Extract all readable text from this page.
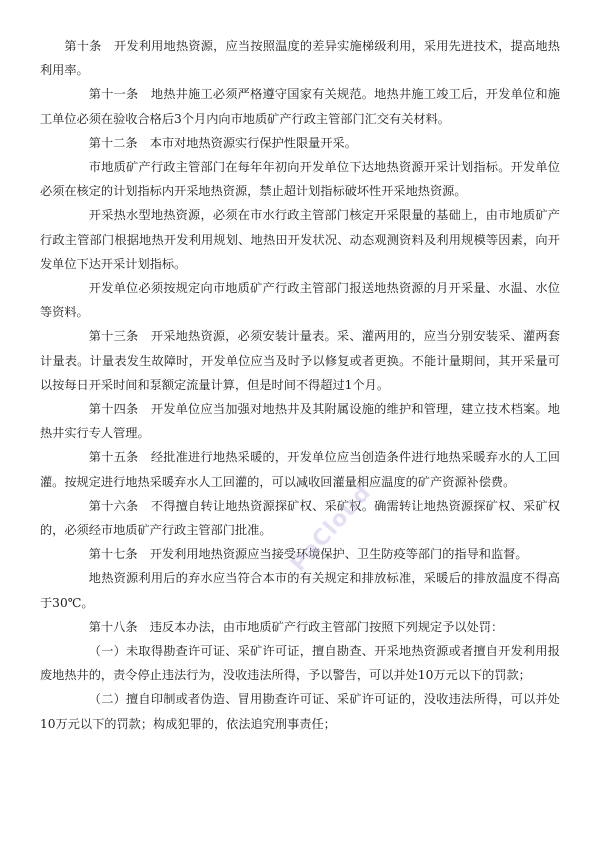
第十条　开发利用地热资源，应当按照温度的差异实施梯级利用，采用先进技术，提高地热利用率。

第十一条　地热井施工必须严格遵守国家有关规范。地热井施工竣工后，开发单位和施工单位必须在验收合格后3个月内向市地质矿产行政主管部门汇交有关材料。

第十二条　本市对地热资源实行保护性限量开采。

市地质矿产行政主管部门在每年年初向开发单位下达地热资源开采计划指标。开发单位必须在核定的计划指标内开采地热资源，禁止超计划指标破坏性开采地热资源。

开采热水型地热资源，必须在市水行政主管部门核定开采限量的基础上，由市地质矿产行政主管部门根据地热开发利用规划、地热田开发状况、动态观测资料及利用规模等因素，向开发单位下达开采计划指标。

开发单位必须按规定向市地质矿产行政主管部门报送地热资源的月开采量、水温、水位等资料。

第十三条　开采地热资源，必须安装计量表。采、灌两用的，应当分别安装采、灌两套计量表。计量表发生故障时，开发单位应当及时予以修复或者更换。不能计量期间，其开采量可以按每日开采时间和泵额定流量计算，但是时间不得超过1个月。

第十四条　开发单位应当加强对地热井及其附属设施的维护和管理，建立技术档案。地热井实行专人管理。

第十五条　经批准进行地热采暖的，开发单位应当创造条件进行地热采暖弃水的人工回灌。按规定进行地热采暖弃水人工回灌的，可以减收回灌量相应温度的矿产资源补偿费。

第十六条　不得擅自转让地热资源探矿权、采矿权。确需转让地热资源探矿权、采矿权的，必须经市地质矿产行政主管部门批准。

第十七条　开发利用地热资源应当接受环境保护、卫生防疫等部门的指导和监督。

地热资源利用后的弃水应当符合本市的有关规定和排放标准，采暖后的排放温度不得高于30℃。

第十八条　违反本办法，由市地质矿产行政主管部门按照下列规定予以处罚：

（一）未取得勘查许可证、采矿许可证，擅自勘查、开采地热资源或者擅自开发利用报废地热井的，责令停止违法行为，没收违法所得，予以警告，可以并处10万元以下的罚款；

（二）擅自印制或者伪造、冒用勘查许可证、采矿许可证的，没收违法所得，可以并处10万元以下的罚款；构成犯罪的，依法追究刑事责任；

PaCloud
